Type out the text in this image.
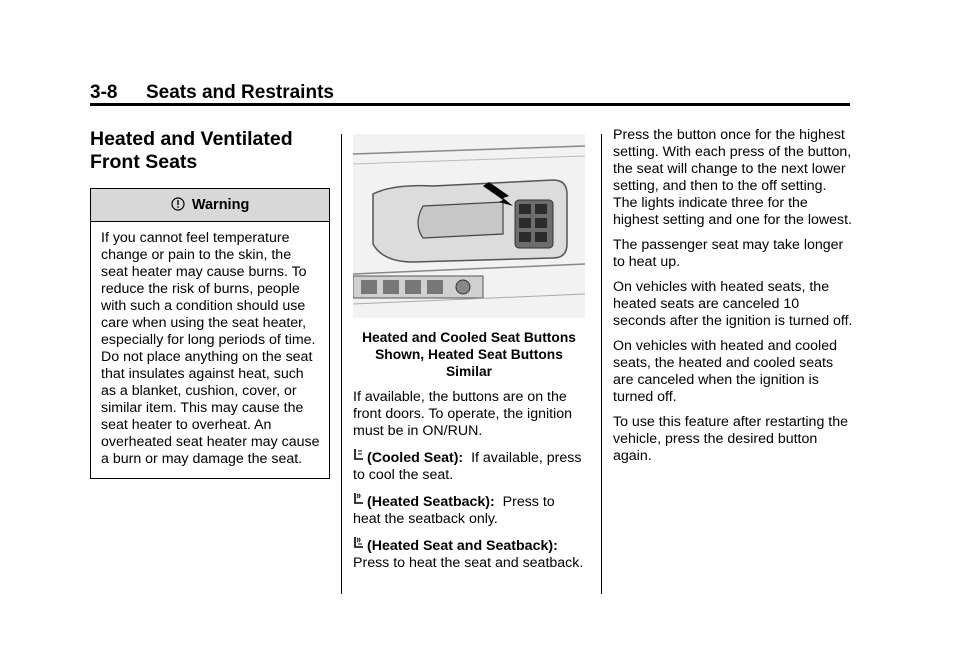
3-8 Seats and Restraints
Heated and Ventilated
Front Seats
Warning
If you cannot feel temperature change or pain to the skin, the seat heater may cause burns. To reduce the risk of burns, people with such a condition should use care when using the seat heater, especially for long periods of time. Do not place anything on the seat that insulates against heat, such as a blanket, cushion, cover, or similar item. This may cause the seat heater to overheat. An overheated seat heater may cause a burn or may damage the seat.
Heated and Cooled Seat Buttons
Shown, Heated Seat Buttons
Similar

If available, the buttons are on the front doors. To operate, the ignition must be in ON/RUN.

(Cooled Seat): If available, press to cool the seat.

(Heated Seatback): Press to heat the seatback only.

(Heated Seat and Seatback):
Press to heat the seat and seatback.

Press the button once for the highest setting. With each press of the button, the seat will change to the next lower setting, and then to the off setting. The lights indicate three for the highest setting and one for the lowest.

The passenger seat may take longer to heat up.

On vehicles with heated seats, the heated seats are canceled 10 seconds after the ignition is turned off.

On vehicles with heated and cooled seats, the heated and cooled seats are canceled when the ignition is turned off.

To use this feature after restarting the vehicle, press the desired button again.
